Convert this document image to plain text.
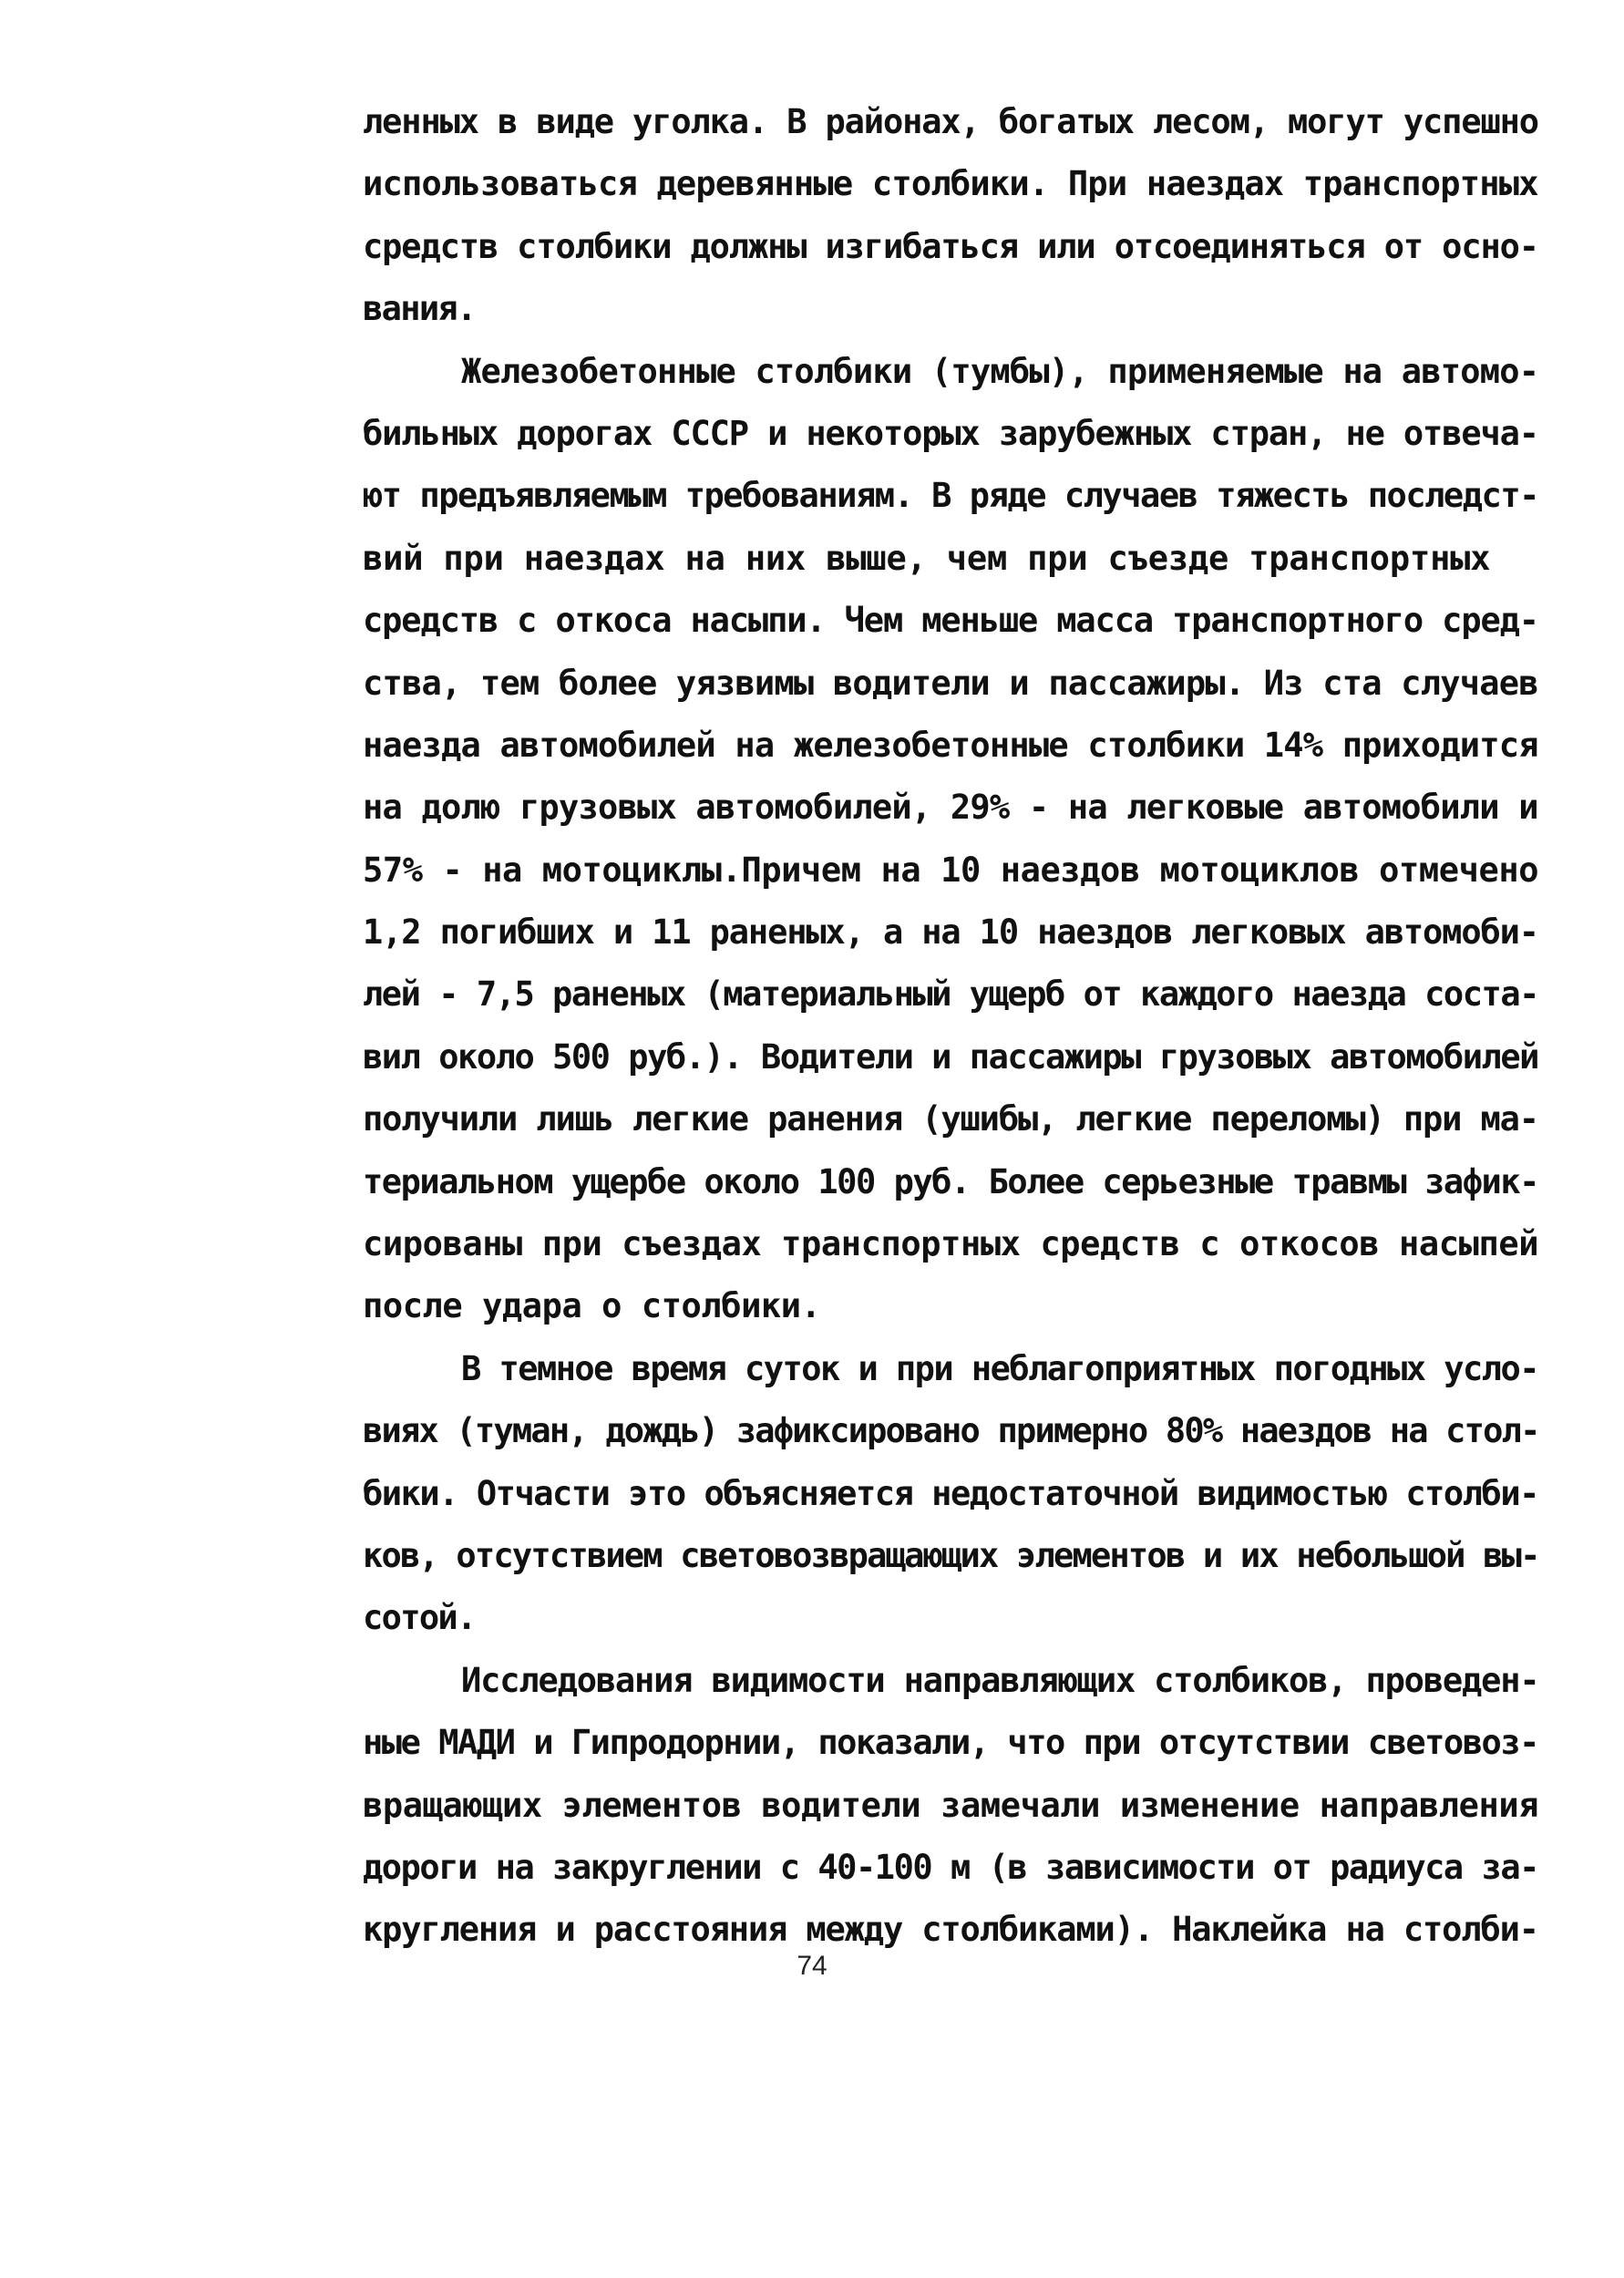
ленных в виде уголка. В районах, богатых лесом, могут успешно
использоваться деревянные столбики. При наездах транспортных
средств столбики должны изгибаться или отсоединяться от осно-
вания.
Железобетонные столбики (тумбы), применяемые на автомо-
бильных дорогах СССР и некоторых зарубежных стран, не отвеча-
ют предъявляемым требованиям. В ряде случаев тяжесть последст-
вий при наездах на них выше, чем при съезде транспортных
средств с откоса насыпи. Чем меньше масса транспортного сред-
ства, тем более уязвимы водители и пассажиры. Из ста случаев
наезда автомобилей на железобетонные столбики 14% приходится
на долю грузовых автомобилей, 29% - на легковые автомобили и
57% - на мотоциклы.Причем на 10 наездов мотоциклов отмечено
1,2 погибших и 11 раненых, а на 10 наездов легковых автомоби-
лей - 7,5 раненых (материальный ущерб от каждого наезда соста-
вил около 500 руб.). Водители и пассажиры грузовых автомобилей
получили лишь легкие ранения (ушибы, легкие переломы) при ма-
териальном ущербе около 100 руб. Более серьезные травмы зафик-
сированы при съездах транспортных средств с откосов насыпей
после удара о столбики.
В темное время суток и при неблагоприятных погодных усло-
виях (туман, дождь) зафиксировано примерно 80% наездов на стол-
бики. Отчасти это объясняется недостаточной видимостью столби-
ков, отсутствием световозвращающих элементов и их небольшой вы-
сотой.
Исследования видимости направляющих столбиков, проведен-
ные МАДИ и Гипродорнии, показали, что при отсутствии световоз-
вращающих элементов водители замечали изменение направления
дороги на закруглении с 40-100 м (в зависимости от радиуса за-
кругления и расстояния между столбиками). Наклейка на столби-
74
